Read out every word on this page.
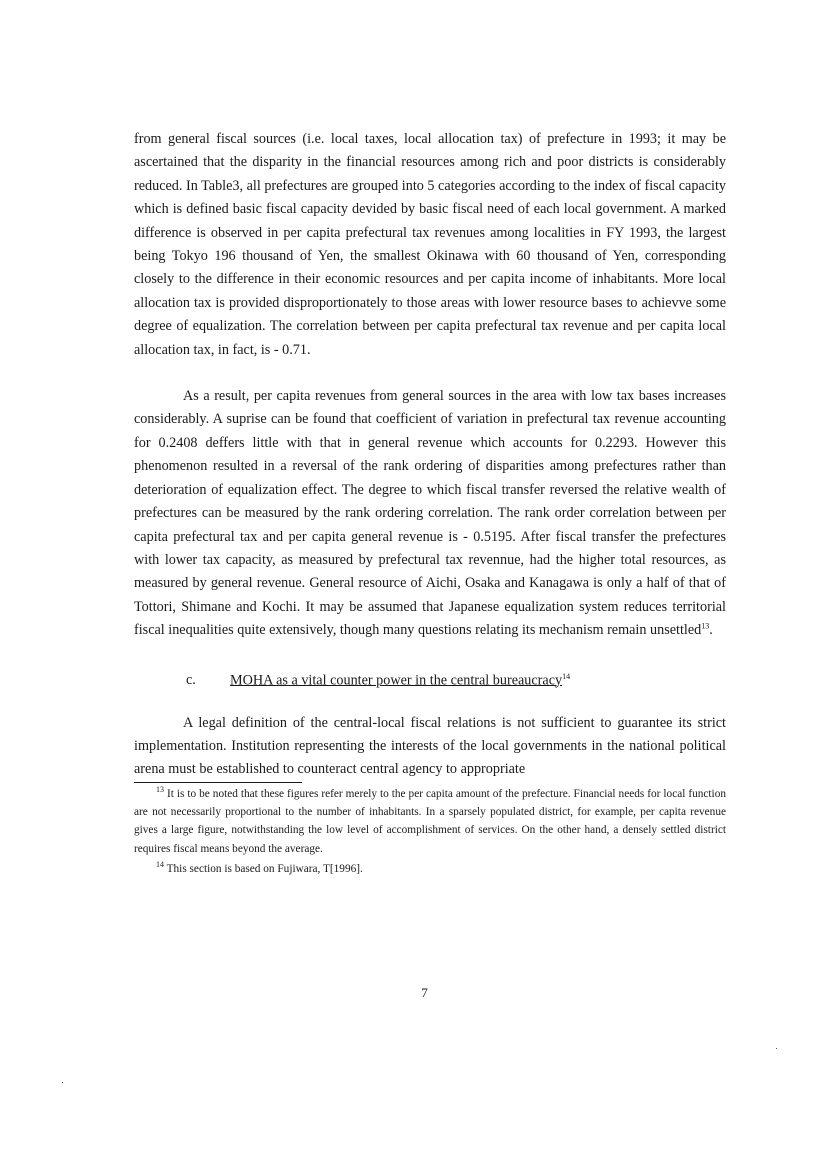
from general fiscal sources (i.e. local taxes, local allocation tax) of prefecture in 1993; it may be ascertained that the disparity in the financial resources among rich and poor districts is considerably reduced. In Table3, all prefectures are grouped into 5 categories according to the index of fiscal capacity which is defined basic fiscal capacity devided by basic fiscal need of each local government. A marked difference is observed in per capita prefectural tax revenues among localities in FY 1993, the largest being Tokyo 196 thousand of Yen, the smallest Okinawa with 60 thousand of Yen, corresponding closely to the difference in their economic resources and per capita income of inhabitants. More local allocation tax is provided disproportionately to those areas with lower resource bases to achievve some degree of equalization. The correlation between per capita prefectural tax revenue and per capita local allocation tax, in fact, is - 0.71.

As a result, per capita revenues from general sources in the area with low tax bases increases considerably. A suprise can be found that coefficient of variation in prefectural tax revenue accounting for 0.2408 deffers little with that in general revenue which accounts for 0.2293. However this phenomenon resulted in a reversal of the rank ordering of disparities among prefectures rather than deterioration of equalization effect. The degree to which fiscal transfer reversed the relative wealth of prefectures can be measured by the rank ordering correlation. The rank order correlation between per capita prefectural tax and per capita general revenue is - 0.5195. After fiscal transfer the prefectures with lower tax capacity, as measured by prefectural tax revennue, had the higher total resources, as measured by general revenue. General resource of Aichi, Osaka and Kanagawa is only a half of that of Tottori, Shimane and Kochi. It may be assumed that Japanese equalization system reduces territorial fiscal inequalities quite extensively, though many questions relating its mechanism remain unsettled$^{13}$.

c.	MOHA as a vital counter power in the central bureaucracy$^{14}$

A legal definition of the central-local fiscal relations is not sufficient to guarantee its strict implementation. Institution representing the interests of the local governments in the national political arena must be established to counteract central agency to appropriate

$^{13}$ It is to be noted that these figures refer merely to the per capita amount of the prefecture. Financial needs for local function are not necessarily proportional to the number of inhabitants. In a sparsely populated district, for example, per capita revenue gives a large figure, notwithstanding the low level of accomplishment of services. On the other hand, a densely settled district requires fiscal means beyond the average.

$^{14}$ This section is based on Fujiwara, T[1996].

7
